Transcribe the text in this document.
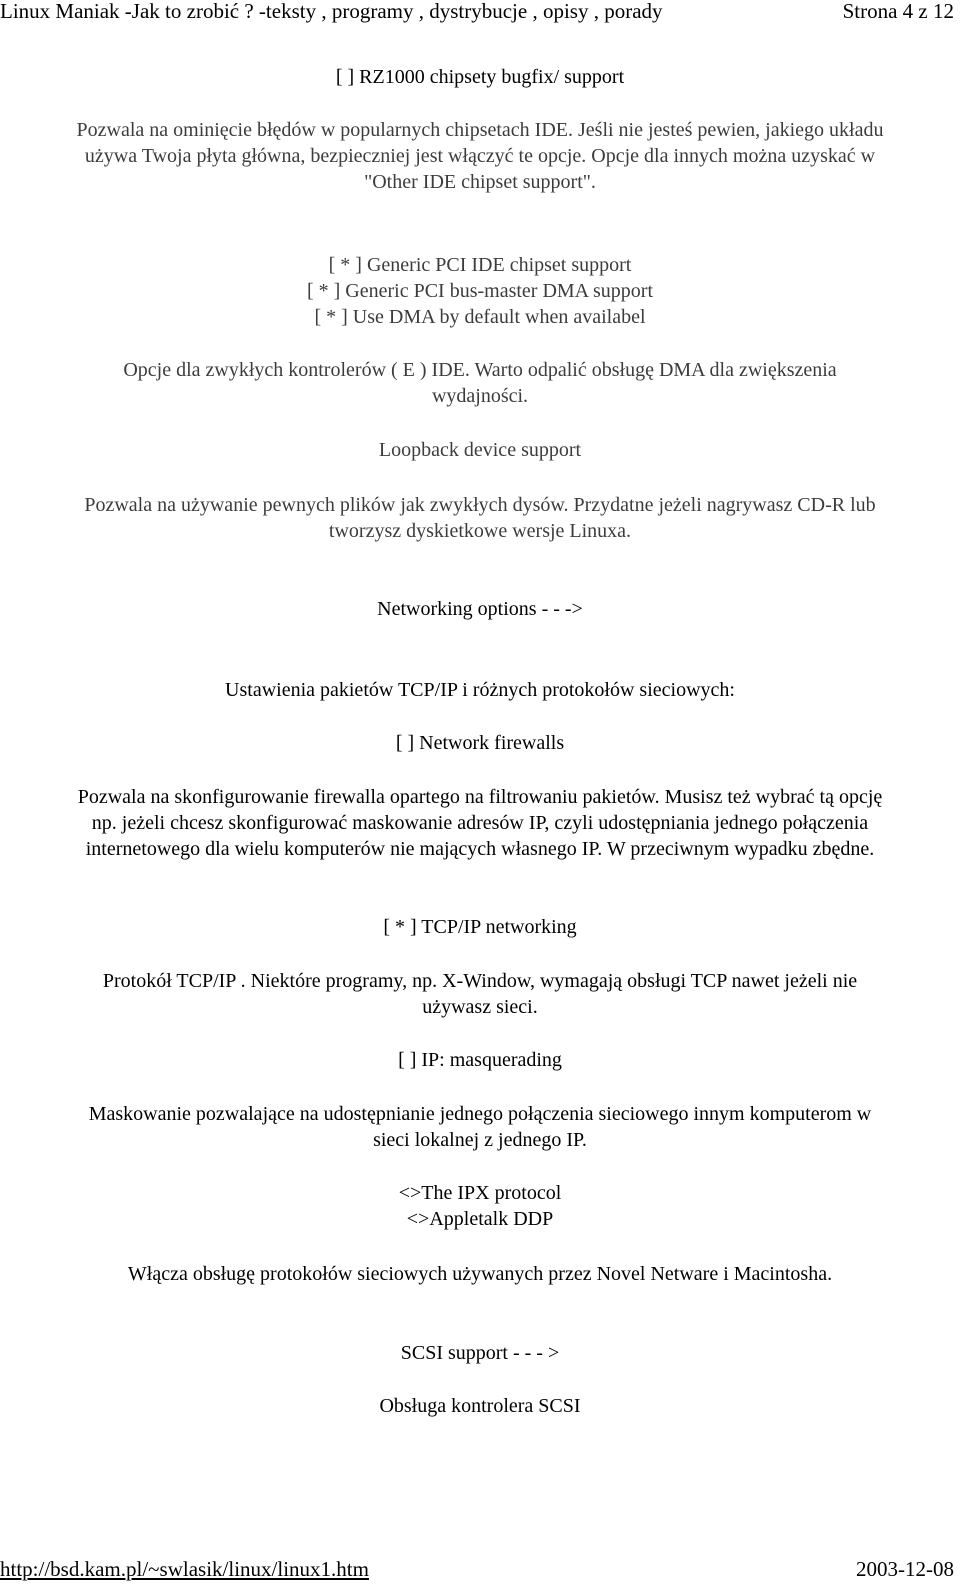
Linux Maniak -Jak to zrobić ? -teksty , programy , dystrybucje , opisy , porady	Strona 4 z 12
[ ] RZ1000 chipsety bugfix/ support
Pozwala na ominięcie błędów w popularnych chipsetach IDE. Jeśli nie jesteś pewien, jakiego układu
używa Twoja płyta główna, bezpieczniej jest włączyć te opcje. Opcje dla innych można uzyskać w
"Other IDE chipset support".
[ * ] Generic PCI IDE chipset support
[ * ] Generic PCI bus-master DMA support
[ * ] Use DMA by default when availabel
Opcje dla zwykłych kontrolerów ( E ) IDE. Warto odpalić obsługę DMA dla zwiększenia
wydajności.
Loopback device support
Pozwala na używanie pewnych plików jak zwykłych dysów. Przydatne jeżeli nagrywasz CD-R lub
tworzysz dyskietkowe wersje Linuxa.
Networking options - - ->
Ustawienia pakietów TCP/IP i różnych protokołów sieciowych:
[ ] Network firewalls
Pozwala na skonfigurowanie firewalla opartego na filtrowaniu pakietów. Musisz też wybrać tą opcję
np. jeżeli chcesz skonfigurować maskowanie adresów IP, czyli udostępniania jednego połączenia
internetowego dla wielu komputerów nie mających własnego IP. W przeciwnym wypadku zbędne.
[ * ] TCP/IP networking
Protokół TCP/IP . Niektóre programy, np. X-Window, wymagają obsługi TCP nawet jeżeli nie
używasz sieci.
[ ] IP: masquerading
Maskowanie pozwalające na udostępnianie jednego połączenia sieciowego innym komputerom w
sieci lokalnej z jednego IP.
<>The IPX protocol
<>Appletalk DDP
Włącza obsługę protokołów sieciowych używanych przez Novel Netware i Macintosha.
SCSI support - - - >
Obsługa kontrolera SCSI
http://bsd.kam.pl/~swlasik/linux/linux1.htm	2003-12-08
